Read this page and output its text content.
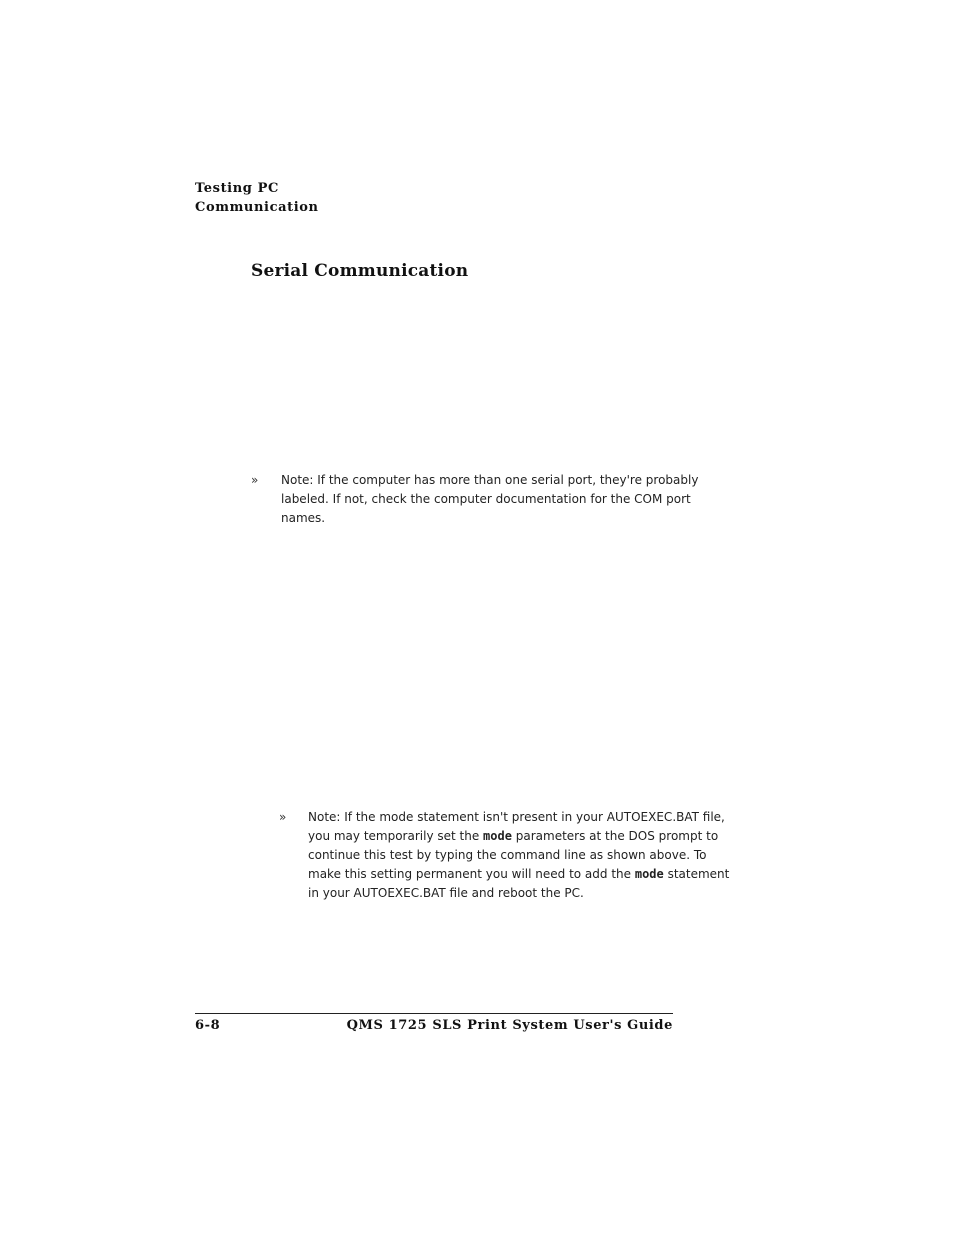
Testing PC
Communication
Serial Communication
»	Note: If the computer has more than one serial port, they're probably labeled. If not, check the computer documentation for the COM port names.

»	Note: If the mode statement isn't present in your AUTOEXEC.BAT file, you may temporarily set the mode parameters at the DOS prompt to continue this test by typing the command line as shown above. To make this setting permanent you will need to add the mode statement in your AUTOEXEC.BAT file and reboot the PC.

6-8	QMS 1725 SLS Print System User's Guide
